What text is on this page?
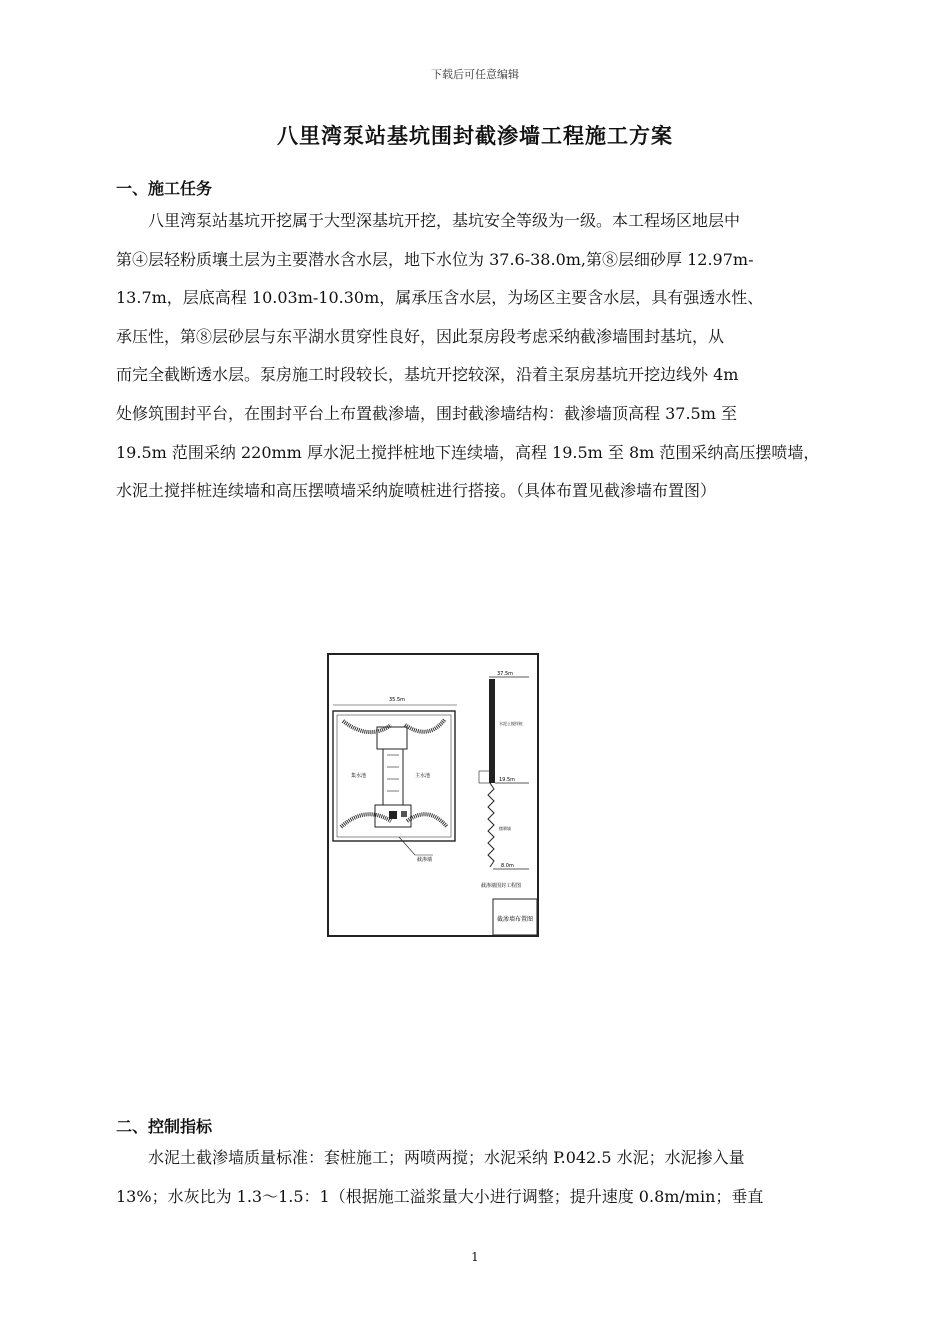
下载后可任意编辑
八里湾泵站基坑围封截渗墙工程施工方案
一、施工任务
八里湾泵站基坑开挖属于大型深基坑开挖，基坑安全等级为一级。本工程场区地层中
第④层轻粉质壤土层为主要潜水含水层，地下水位为 37.6-38.0m,第⑧层细砂厚 12.97m-
13.7m，层底高程 10.03m-10.30m，属承压含水层，为场区主要含水层，具有强透水性、
承压性，第⑧层砂层与东平湖水贯穿性良好，因此泵房段考虑采纳截渗墙围封基坑，从
而完全截断透水层。泵房施工时段较长，基坑开挖较深，沿着主泵房基坑开挖边线外 4m
处修筑围封平台，在围封平台上布置截渗墙，围封截渗墙结构：截渗墙顶高程 37.5m 至
19.5m 范围采纳 220mm 厚水泥土搅拌桩地下连续墙，高程 19.5m 至 8m 范围采纳高压摆喷墙，
水泥土搅拌桩连续墙和高压摆喷墙采纳旋喷桩进行搭接。（具体布置见截渗墙布置图）
35.5m
集水池	主水池
截渗墙
37.5m
水泥土搅拌桩
19.5m
摆喷墙
8.0m
截渗墙围封工程图
截渗墙布置图
二、控制指标
水泥土截渗墙质量标准：套桩施工；两喷两搅；水泥采纳 P.042.5 水泥；水泥掺入量
13%；水灰比为 1.3～1.5：1（根据施工溢浆量大小进行调整；提升速度 0.8m/min；垂直
1
